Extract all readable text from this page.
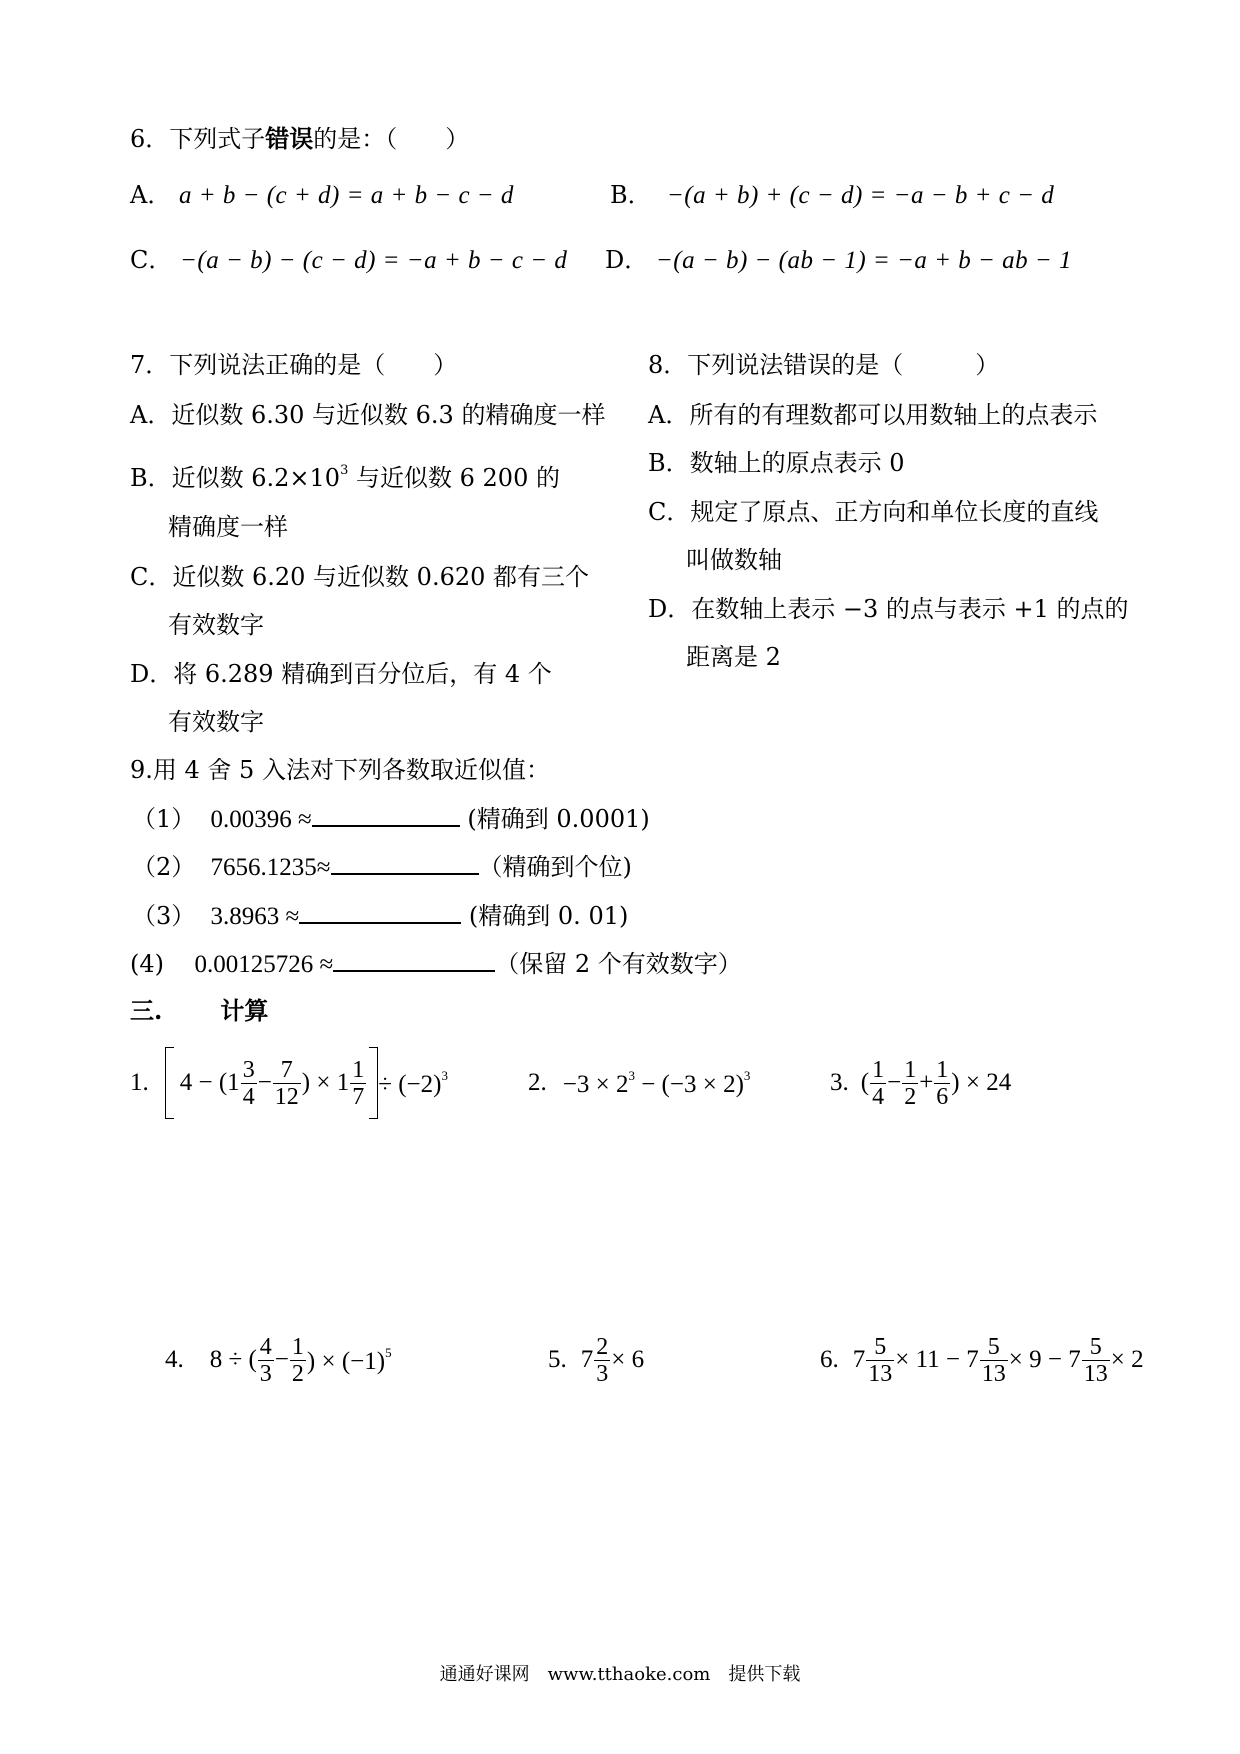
6．下列式子错误的是：（　　）
A． a + b − (c + d) = a + b − c − d	B． −(a + b) + (c − d) = −a − b + c − d
C． −(a − b) − (c − d) = −a + b − c − d D． −(a − b) − (ab − 1) = −a + b − ab − 1
7．下列说法正确的是（　　）
A．近似数 6.30 与近似数 6.3 的精确度一样
B．近似数 $6.2\times 10^3$ 与近似数 6 200 的
精确度一样
C．近似数 6.20 与近似数 0.620 都有三个
有效数字
D．将 6.289 精确到百分位后，有 4 个
有效数字
8．下列说法错误的是（　　　）
A．所有的有理数都可以用数轴上的点表示
B．数轴上的原点表示 0
C．规定了原点、正方向和单位长度的直线
叫做数轴
D．在数轴上表示 −3 的点与表示 +1 的点的
距离是 2
9.用 4 舍 5 入法对下列各数取近似值：
（1） 0.00396 ≈	(精确到 0.0001)
（2） 7656.1235≈	（精确到个位)
（3） 3.8963 ≈	(精确到 0. 01)
(4) 0.00125726 ≈	（保留 2 个有效数字）
三. 计算
1. $4 - (1 \frac{3}{4} - \frac{7}{12}$ ) × $1 \frac{1}{7} \div (-2)^3$	2. $-3 \times 2^3 - (-3 \times 2)^3$	3. ( $\frac{1}{4} - \frac{1}{2} + \frac{1}{6}$ ) × 24
4. 8 ÷ ( $\frac{4}{3} - \frac{1}{2}$ ) × $(-1)^5$	5. $7 \frac{2}{3} \times 6$	6. $7 \frac{5}{13} \times 11 - 7 \frac{5}{13} \times 9 - 7 \frac{5}{13} \times 2$
通通好课网　www.tthaoke.com　提供下载
